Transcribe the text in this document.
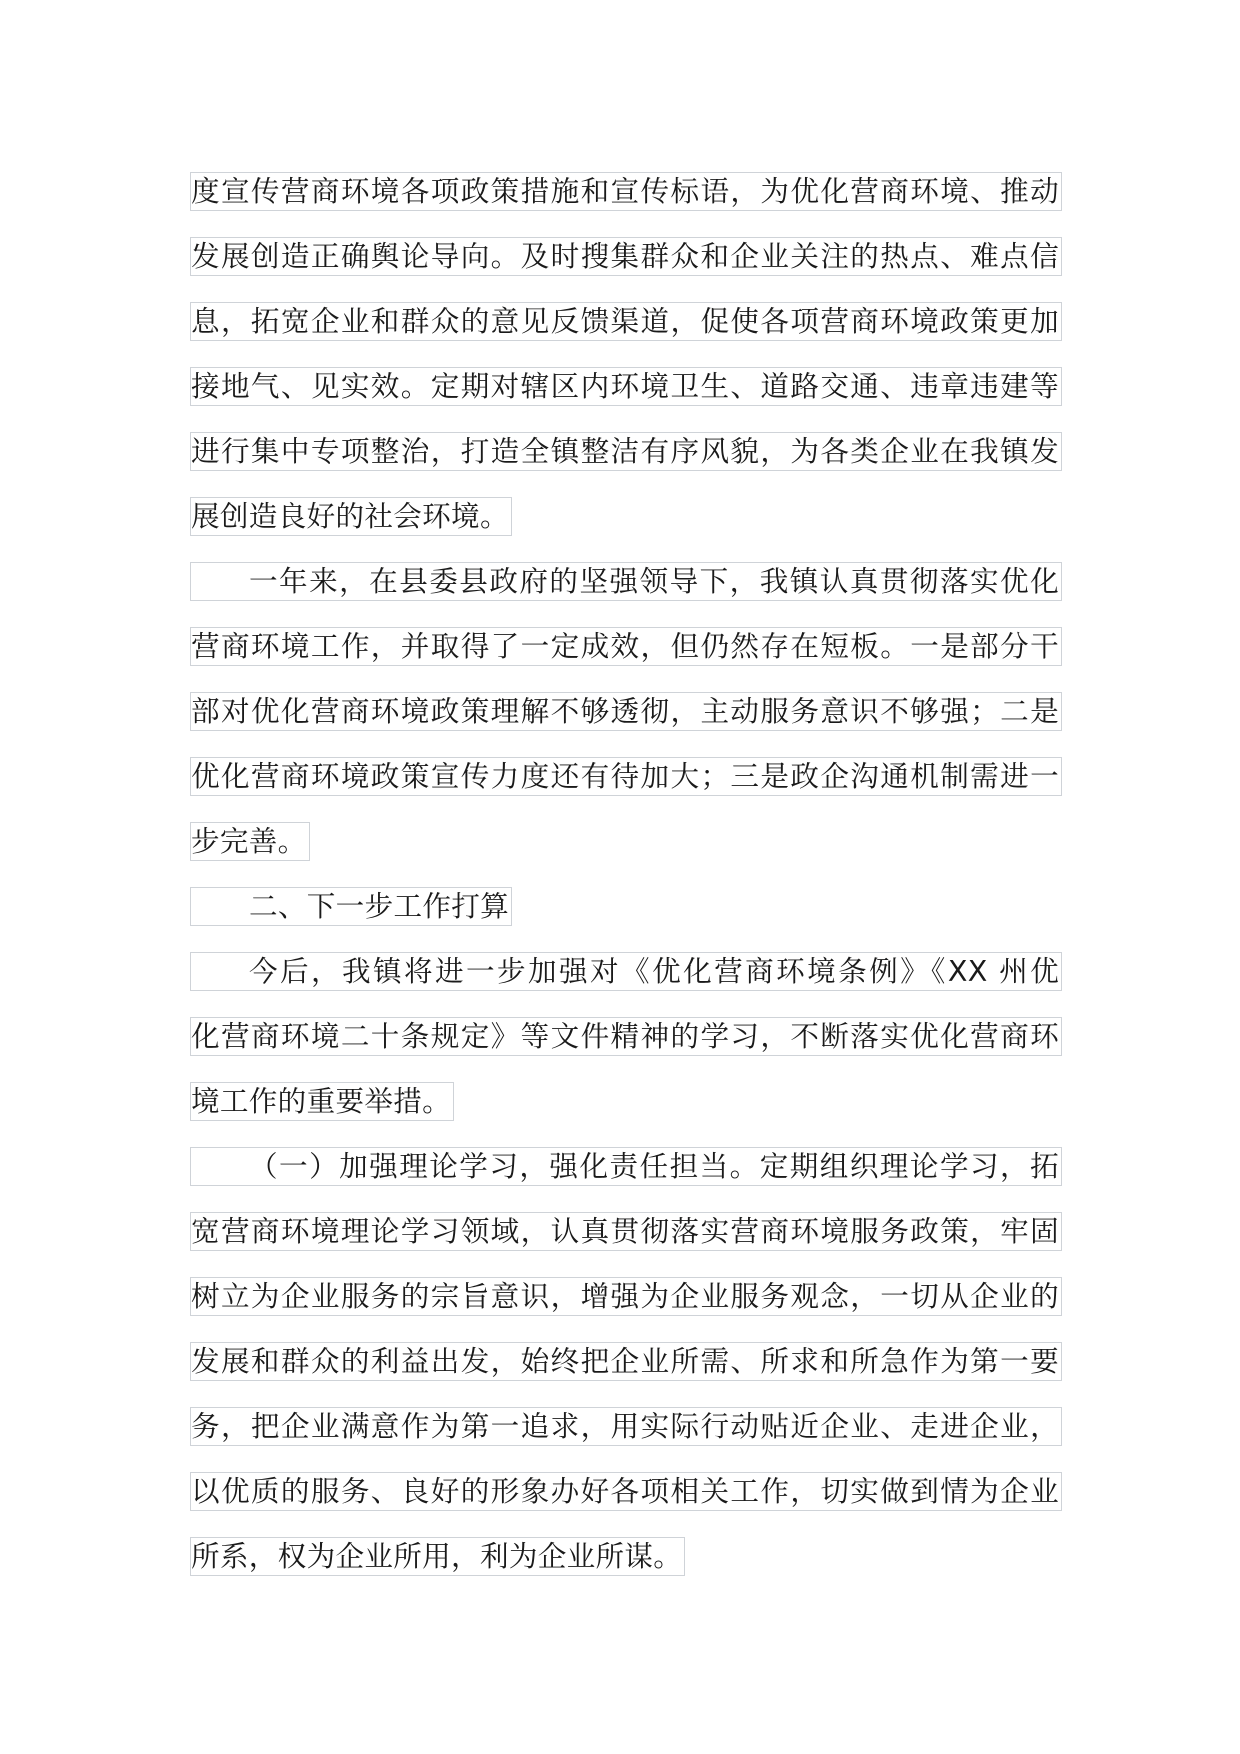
度宣传营商环境各项政策措施和宣传标语，为优化营商环境、推动
发展创造正确舆论导向。及时搜集群众和企业关注的热点、难点信
息，拓宽企业和群众的意见反馈渠道，促使各项营商环境政策更加
接地气、见实效。定期对辖区内环境卫生、道路交通、违章违建等
进行集中专项整治，打造全镇整洁有序风貌，为各类企业在我镇发
展创造良好的社会环境。
一年来，在县委县政府的坚强领导下，我镇认真贯彻落实优化
营商环境工作，并取得了一定成效，但仍然存在短板。一是部分干
部对优化营商环境政策理解不够透彻，主动服务意识不够强；二是
优化营商环境政策宣传力度还有待加大；三是政企沟通机制需进一
步完善。
二、下一步工作打算
今后，我镇将进一步加强对《优化营商环境条例》《XX 州优
化营商环境二十条规定》等文件精神的学习，不断落实优化营商环
境工作的重要举措。
（一）加强理论学习，强化责任担当。定期组织理论学习，拓
宽营商环境理论学习领域，认真贯彻落实营商环境服务政策，牢固
树立为企业服务的宗旨意识，增强为企业服务观念，一切从企业的
发展和群众的利益出发，始终把企业所需、所求和所急作为第一要
务，把企业满意作为第一追求，用实际行动贴近企业、走进企业，
以优质的服务、良好的形象办好各项相关工作，切实做到情为企业
所系，权为企业所用，利为企业所谋。
